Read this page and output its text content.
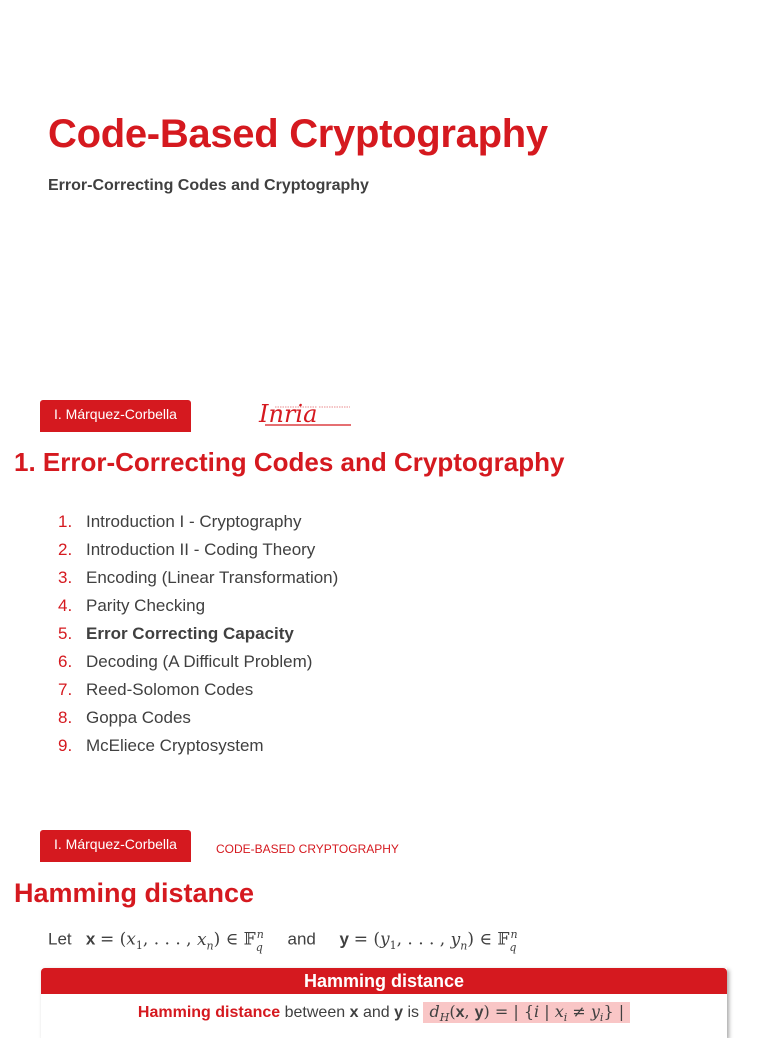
Code-Based Cryptography
Error-Correcting Codes and Cryptography
I. Márquez-Corbella	Inria
1. Error-Correcting Codes and Cryptography
1. Introduction I - Cryptography
2. Introduction II - Coding Theory
3. Encoding (Linear Transformation)
4. Parity Checking
5. Error Correcting Capacity
6. Decoding (A Difficult Problem)
7. Reed-Solomon Codes
8. Goppa Codes
9. McEliece Cryptosystem
I. Márquez-Corbella	CODE-BASED CRYPTOGRAPHY
Hamming distance
Let $x = (x_1$, . . . , $x_n$) ∈ 𝔽$_q^n$ and $y = (y_1$, . . . , $y_n$) ∈ 𝔽$_q^n$
Hamming distance
Hamming distance between x and y is $d_H(x$, y) = | {i | $x_i \ne y_i$} |
